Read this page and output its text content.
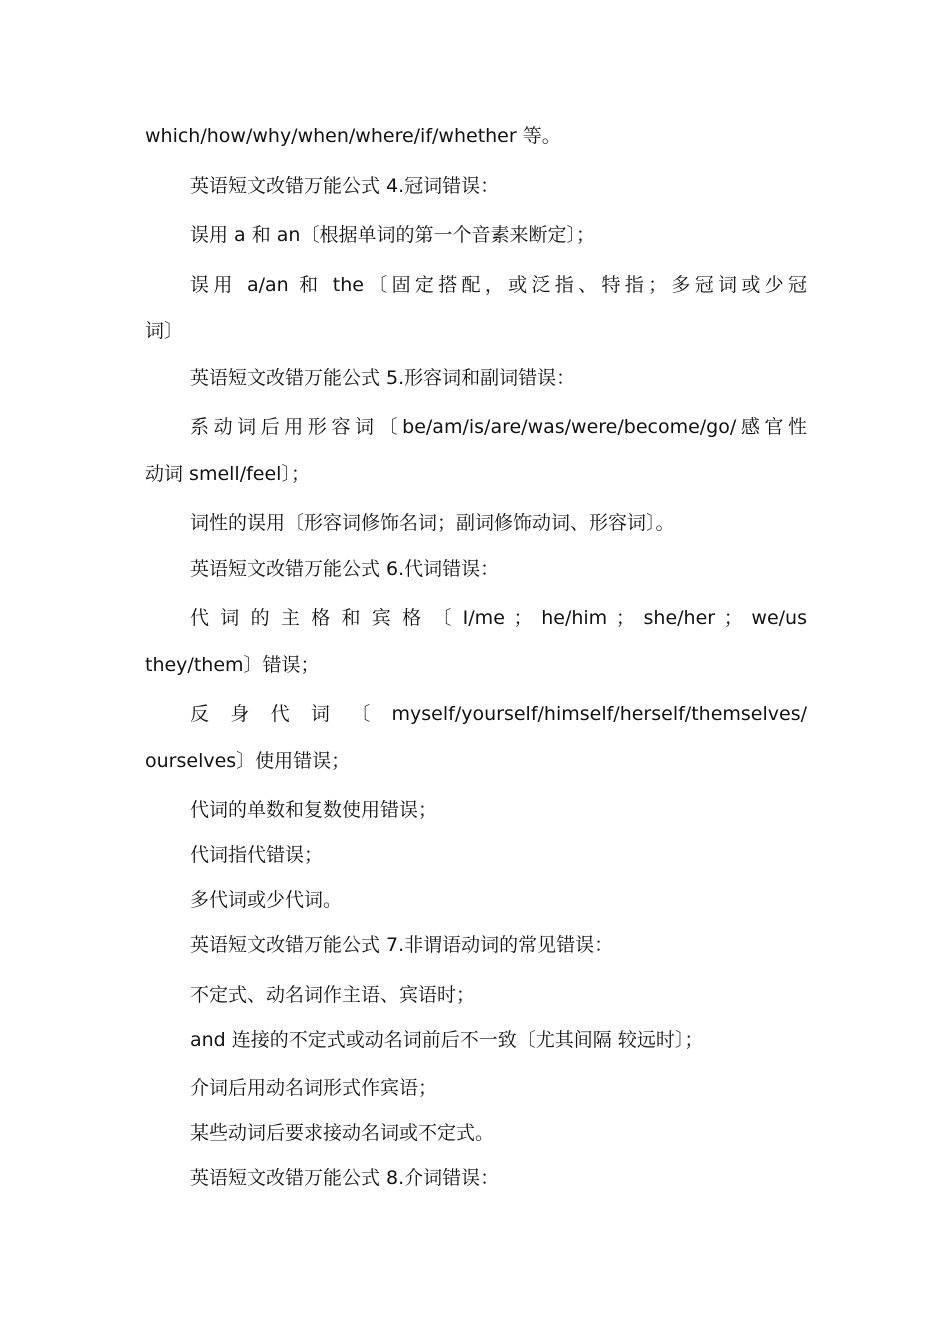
which/how/why/when/where/if/whether 等。
英语短文改错万能公式 4.冠词错误：
误用 a 和 an〔根据单词的第一个音素来断定〕；
误用 a/an 和 the〔固定搭配，或泛指、特指；多冠词或少冠
词〕
英语短文改错万能公式 5.形容词和副词错误：
系动词后用形容词〔be/am/is/are/was/were/become/go/感官性
动词 smell/feel〕；
词性的误用〔形容词修饰名词；副词修饰动词、形容词〕。
英语短文改错万能公式 6.代词错误：
代 词 的 主 格 和 宾 格 〔 I/me ； he/him ； she/her ； we/us
they/them〕错误；
反 身 代 词 〔 myself/yourself/himself/herself/themselves/
ourselves〕使用错误；
代词的单数和复数使用错误；
代词指代错误；
多代词或少代词。
英语短文改错万能公式 7.非谓语动词的常见错误：
不定式、动名词作主语、宾语时；
and 连接的不定式或动名词前后不一致〔尤其间隔 较远时〕；
介词后用动名词形式作宾语；
某些动词后要求接动名词或不定式。
英语短文改错万能公式 8.介词错误：
